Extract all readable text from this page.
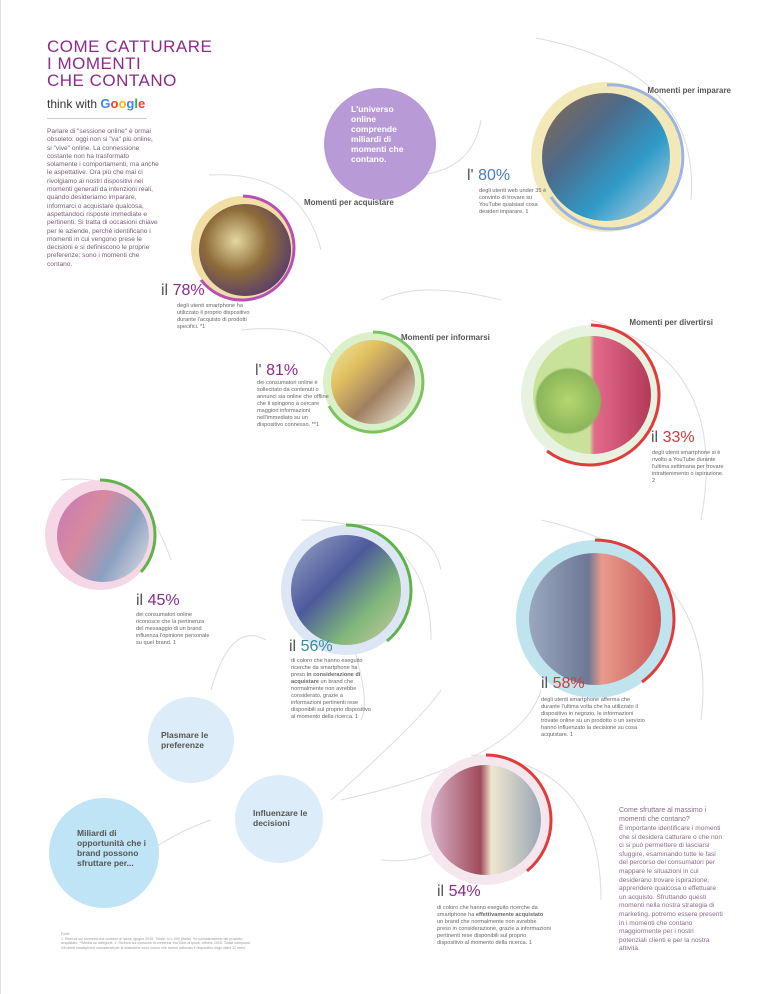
COME CATTURARE
I MOMENTI
CHE CONTANO
think with Google
Parlare di "sessione online" è ormai obsoleto: oggi non si "va" più online, si "vive" online. La connessione costante non ha trasformato solamente i comportamenti, ma anche le aspettative. Ora più che mai ci rivolgiamo ai nostri dispositivi nei momenti generati da intenzioni reali, quando desideriamo imparare, informarci o acquistare qualcosa, aspettandoci risposte immediate e pertinenti. Si tratta di occasioni chiave per le aziende, perché identificano i momenti in cui vengono prese le decisioni e si definiscono le proprie preferenze: sono i momenti che contano.
L'universo online comprende miliardi di momenti che contano.
Momenti per imparare
l' 80%
degli utenti web under 35 è convinto di trovare su YouTube qualsiasi cosa desideri imparare. 1
Momenti per acquistare
il 78%
degli utenti smartphone ha utilizzato il proprio dispositivo durante l'acquisto di prodotti specifici. *1
Momenti per informarsi
l' 81%
dei consumatori online è sollecitato da contenuti o annunci sia online che offline che li spingono a cercare maggiori informazioni nell'immediato su un dispositivo connesso. **1
Momenti per divertirsi
il 33%
degli utenti smartphone si è rivolto a YouTube durante l'ultima settimana per trovare intrattenimento o ispirazione. 2
il 45%
dei consumatori online riconosce che la pertinenza del messaggio di un brand influenza l'opinione personale su quel brand. 1	il 56%
di coloro che hanno eseguito ricerche da smartphone ha preso in considerazione di acquistare un brand che normalmente non avrebbe considerato, grazie a informazioni pertinenti rese disponibili sul proprio dispositivo al momento della ricerca. 1
il 58%
degli utenti smartphone afferma che durante l'ultima volta che ha utilizzato il dispositivo in negozio, le informazioni trovate online su un prodotto o un servizio hanno influenzato la decisione su cosa acquistare. 1
il 54%
di coloro che hanno eseguito ricerche da smartphone ha effettivamente acquistato un brand che normalmente non avrebbe preso in considerazione, grazie a informazioni pertinenti rese disponibili sul proprio dispositivo al momento della ricerca. 1
Plasmare le preferenze
Influenzare le decisioni
Miliardi di opportunità che i brand possono sfruttare per...
Come sfruttare al massimo i momenti che contano?
È importante identificare i momenti che si desidera catturare o che non ci si può permettere di lasciarsi sfuggire, esaminando tutte le fasi del percorso dei consumatori per mappare le situazioni in cui desiderano trovare ispirazione, apprendere qualcosa o effettuare un acquisto. Sfruttando questi momenti nella nostra strategia di marketing, potremo essere presenti in i momenti che contano maggiormente per i nostri potenziali clienti e per la nostra attività.
Fonti:
1. Ricerca sui momenti che contano di Ipsos, giugno 2015. Totale: n=1.000 (Italia). *In considerazione del prodotto acquistato. **Media su categorie. 2. Ricerca sul consumo di contenuti YouTube di Ipsos, ottobre 2015. Totale campione. Gli utenti smartphone considerati per le statistiche sono coloro che hanno utilizzato il dispositivo negli ultimi 12 mesi.
